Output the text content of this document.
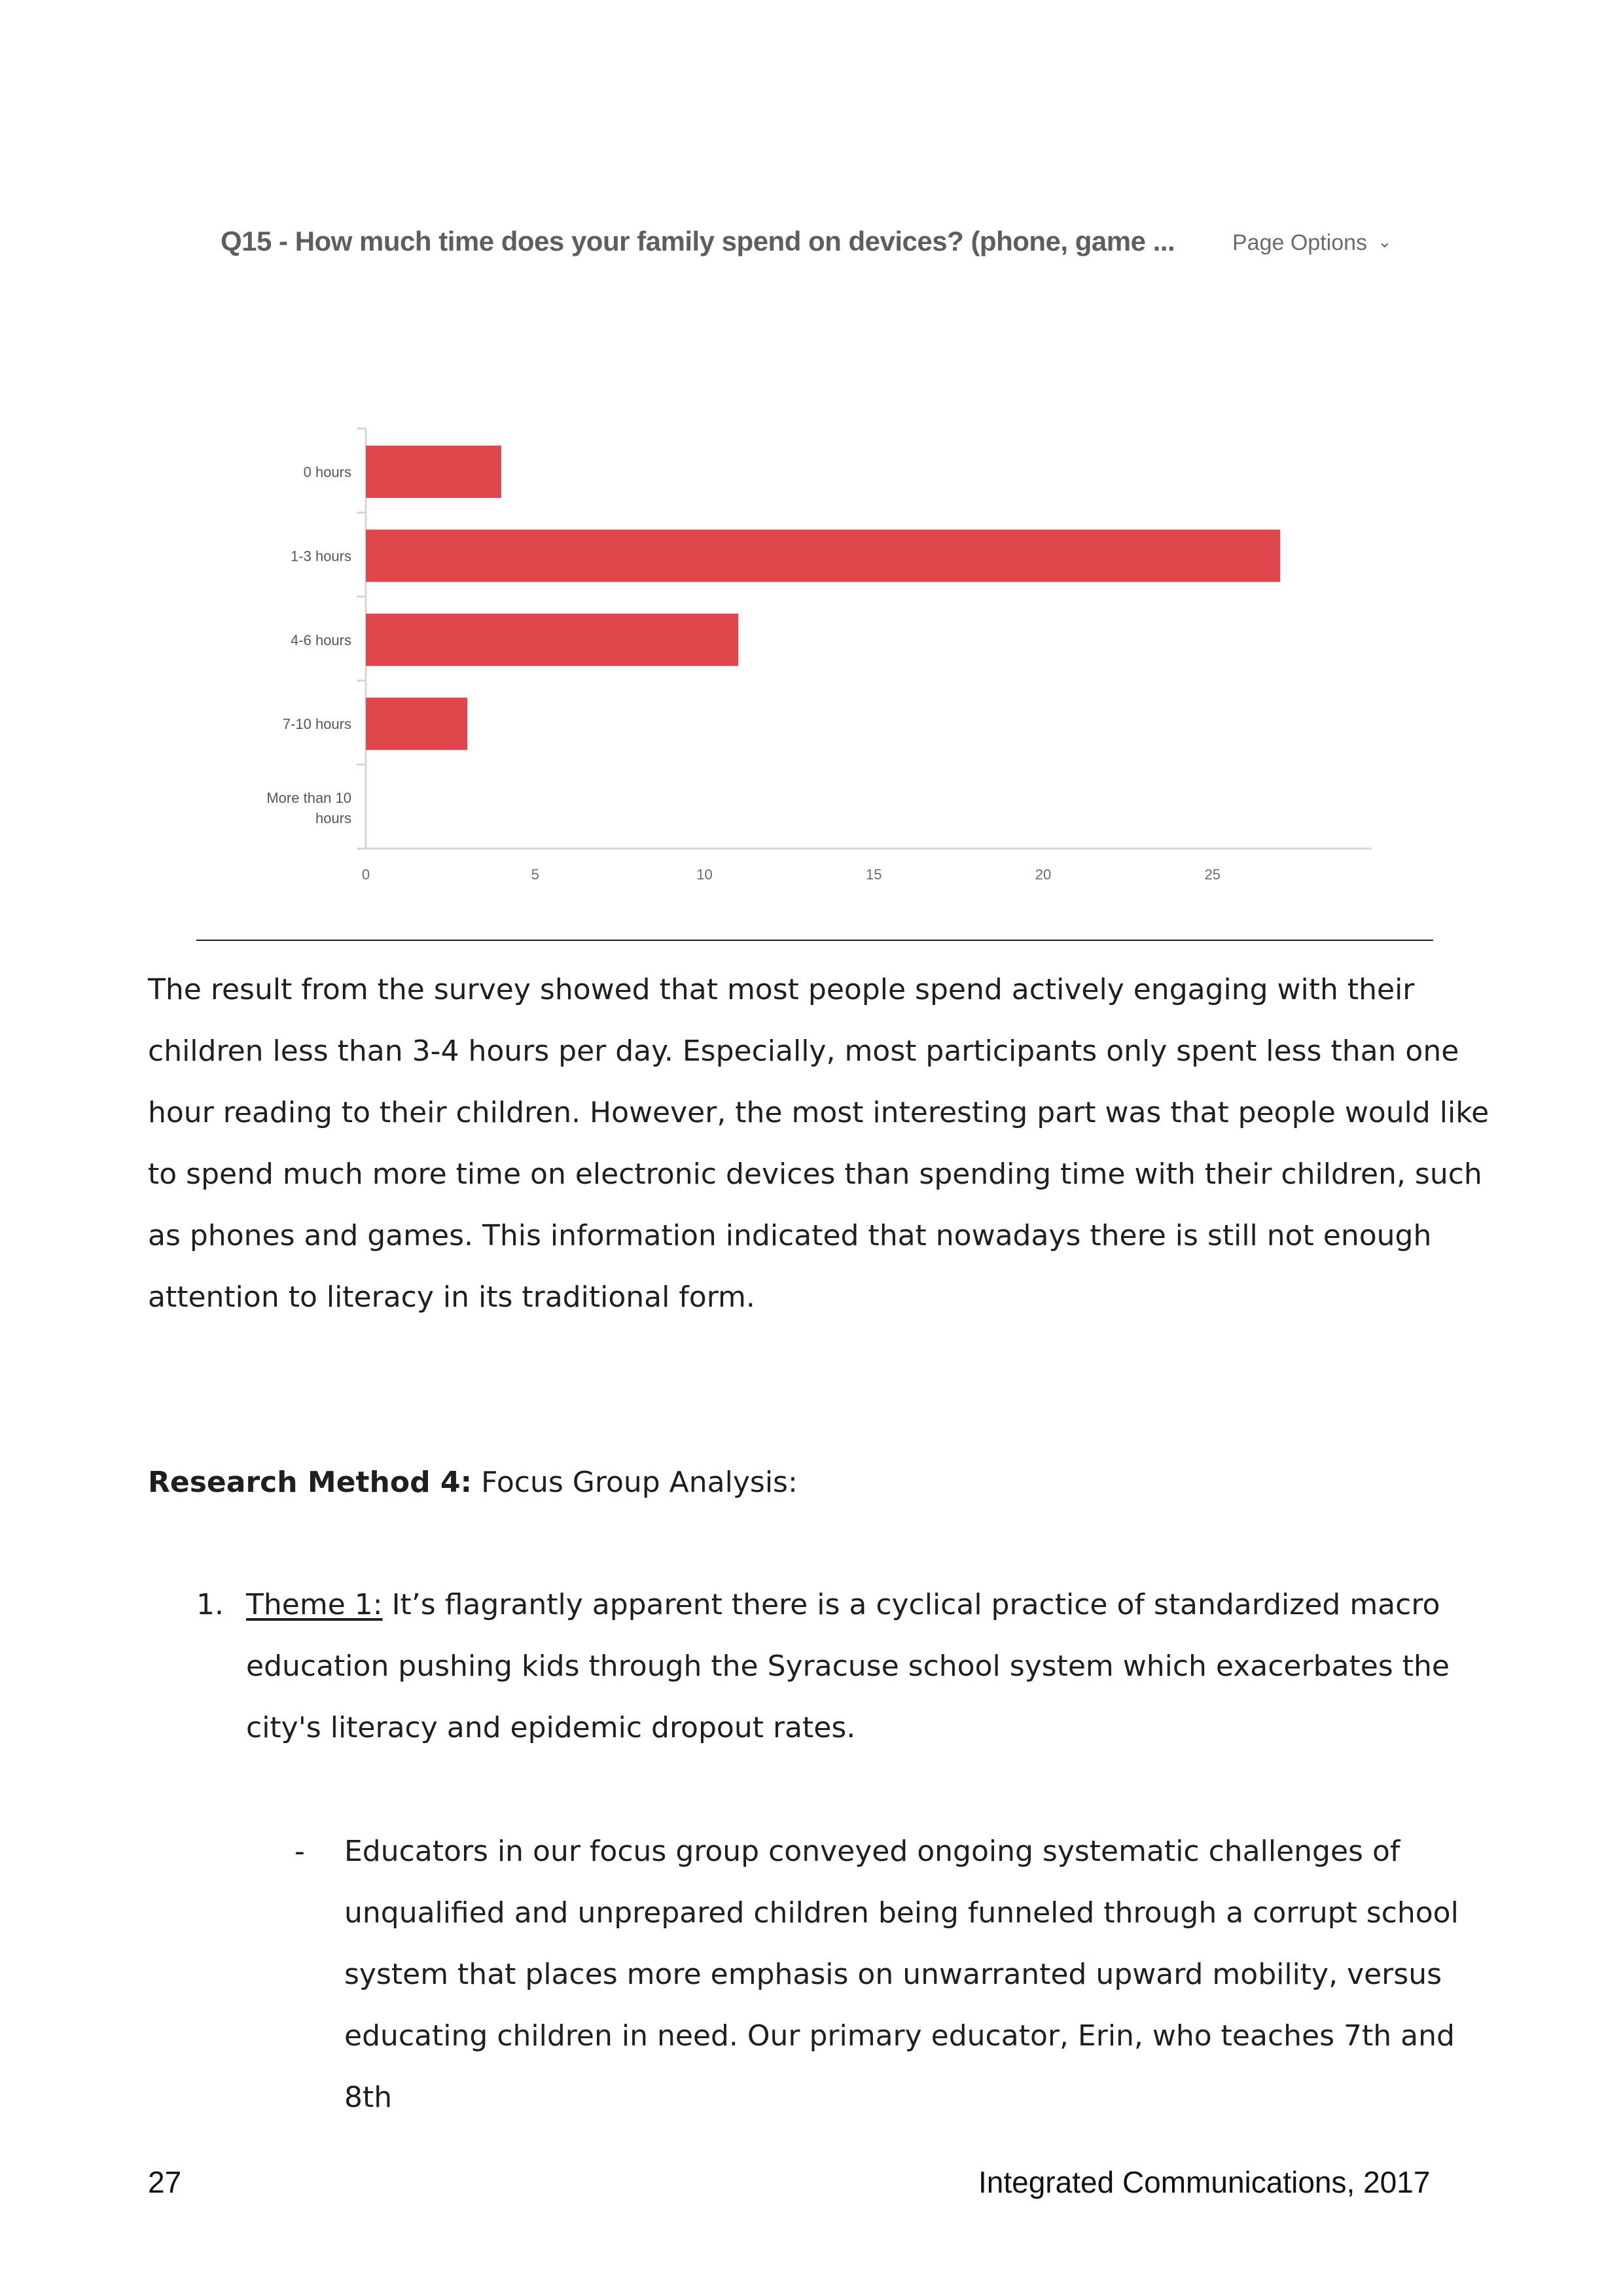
Q15 - How much time does your family spend on devices? (phone, game ...	Page Options ⌄
0 hours
1-3 hours
4-6 hours
7-10 hours
More than 10
hours
0	5	10	15	20	25

The result from the survey showed that most people spend actively engaging with their children less than 3-4 hours per day. Especially, most participants only spent less than one hour reading to their children. However, the most interesting part was that people would like to spend much more time on electronic devices than spending time with their children, such as phones and games. This information indicated that nowadays there is still not enough attention to literacy in its traditional form.

Research Method 4: Focus Group Analysis:

1. Theme 1: It’s flagrantly apparent there is a cyclical practice of standardized macro education pushing kids through the Syracuse school system which exacerbates the city's literacy and epidemic dropout rates.

- Educators in our focus group conveyed ongoing systematic challenges of unqualified and unprepared children being funneled through a corrupt school system that places more emphasis on unwarranted upward mobility, versus educating children in need. Our primary educator, Erin, who teaches 7th and 8th

27	Integrated Communications, 2017
